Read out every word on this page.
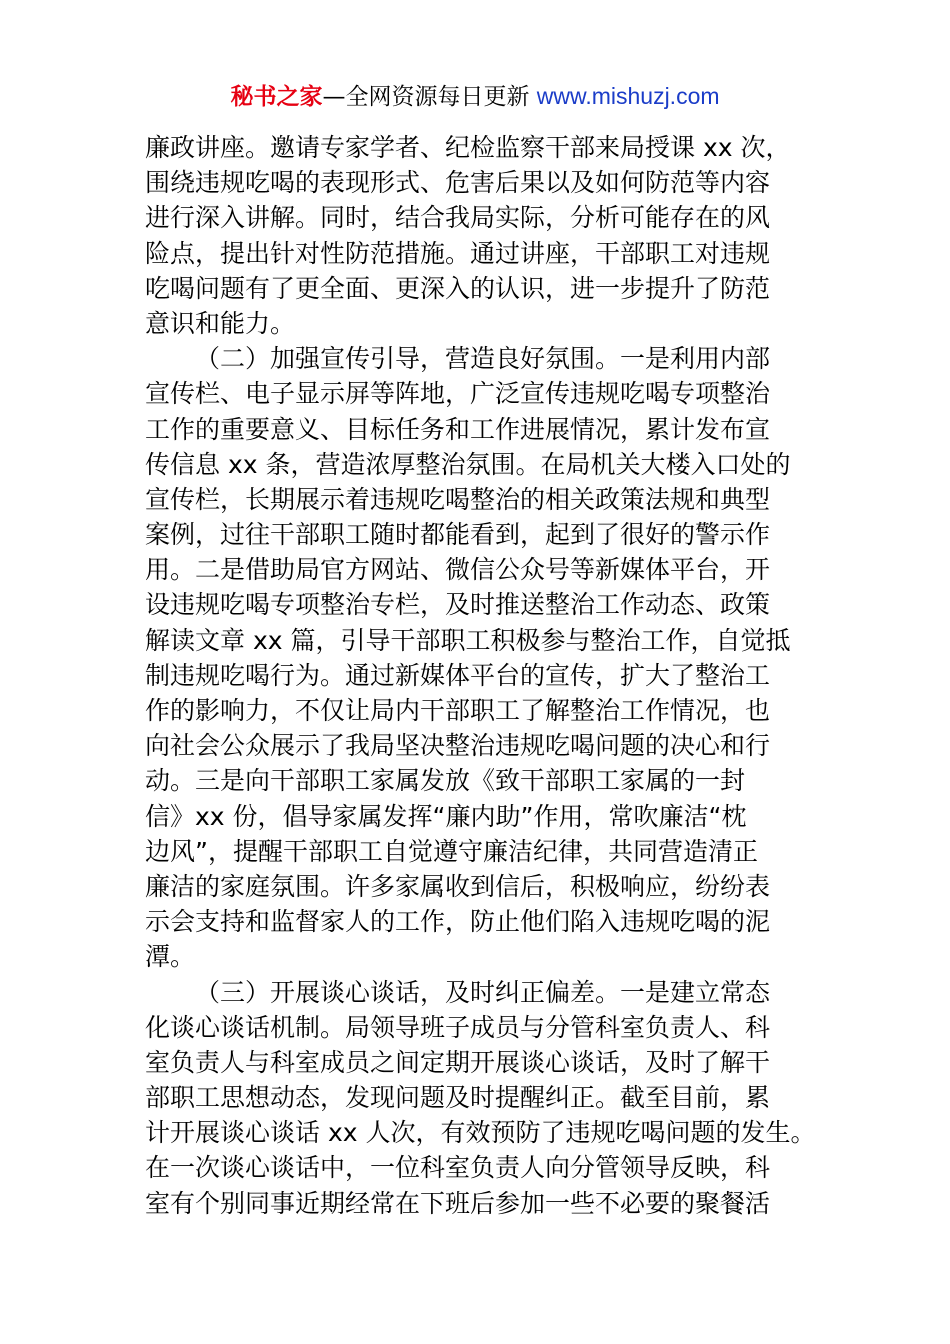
秘书之家—全网资源每日更新 www.mishuzj.com
廉政讲座。邀请专家学者、纪检监察干部来局授课 xx 次，
围绕违规吃喝的表现形式、危害后果以及如何防范等内容
进行深入讲解。同时，结合我局实际，分析可能存在的风
险点，提出针对性防范措施。通过讲座，干部职工对违规
吃喝问题有了更全面、更深入的认识，进一步提升了防范
意识和能力。
（二）加强宣传引导，营造良好氛围。一是利用内部
宣传栏、电子显示屏等阵地，广泛宣传违规吃喝专项整治
工作的重要意义、目标任务和工作进展情况，累计发布宣
传信息 xx 条，营造浓厚整治氛围。在局机关大楼入口处的
宣传栏，长期展示着违规吃喝整治的相关政策法规和典型
案例，过往干部职工随时都能看到，起到了很好的警示作
用。二是借助局官方网站、微信公众号等新媒体平台，开
设违规吃喝专项整治专栏，及时推送整治工作动态、政策
解读文章 xx 篇，引导干部职工积极参与整治工作，自觉抵
制违规吃喝行为。通过新媒体平台的宣传，扩大了整治工
作的影响力，不仅让局内干部职工了解整治工作情况，也
向社会公众展示了我局坚决整治违规吃喝问题的决心和行
动。三是向干部职工家属发放《致干部职工家属的一封
信》xx 份，倡导家属发挥“廉内助”作用，常吹廉洁“枕
边风”，提醒干部职工自觉遵守廉洁纪律，共同营造清正
廉洁的家庭氛围。许多家属收到信后，积极响应，纷纷表
示会支持和监督家人的工作，防止他们陷入违规吃喝的泥
潭。
（三）开展谈心谈话，及时纠正偏差。一是建立常态
化谈心谈话机制。局领导班子成员与分管科室负责人、科
室负责人与科室成员之间定期开展谈心谈话，及时了解干
部职工思想动态，发现问题及时提醒纠正。截至目前，累
计开展谈心谈话 xx 人次，有效预防了违规吃喝问题的发生。
在一次谈心谈话中，一位科室负责人向分管领导反映，科
室有个别同事近期经常在下班后参加一些不必要的聚餐活
